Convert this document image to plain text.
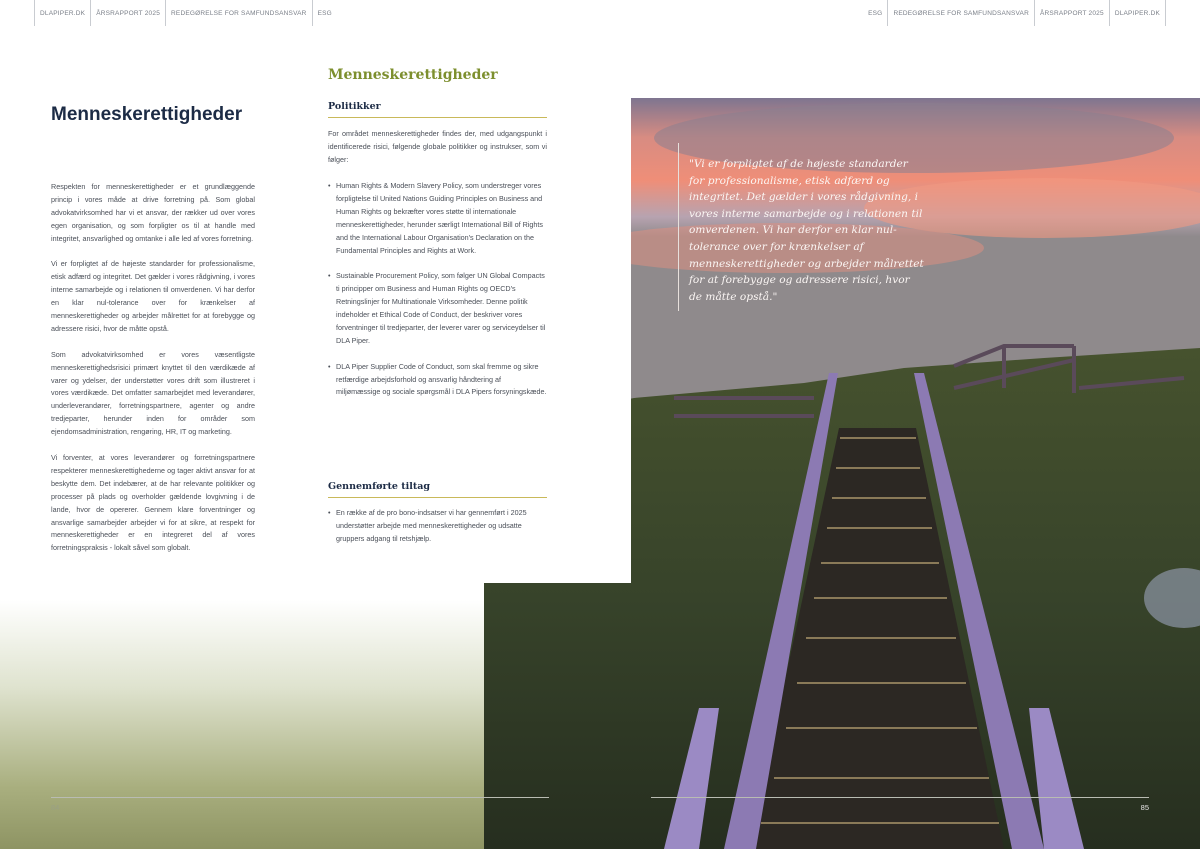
DLAPIPER.DK	ÅRSRAPPORT 2025	REDEGØRELSE FOR SAMFUNDSANSVAR	ESG	ESG	REDEGØRELSE FOR SAMFUNDSANSVAR	ÅRSRAPPORT 2025	DLAPIPER.DK
Menneskerettigheder

Respekten for menneskerettigheder er et grundlæggende princip i vores måde at drive forretning på. Som global advokatvirksomhed har vi et ansvar, der rækker ud over vores egen organisation, og som forpligter os til at handle med integritet, ansvarlighed og omtanke i alle led af vores forretning.

Vi er forpligtet af de højeste standarder for professionalisme, etisk adfærd og integritet. Det gælder i vores rådgivning, i vores interne samarbejde og i relationen til omverdenen. Vi har derfor en klar nul-tolerance over for krænkelser af menneskerettigheder og arbejder målrettet for at forebygge og adressere risici, hvor de måtte opstå.

Som advokatvirksomhed er vores væsentligste menneskerettighedsrisici primært knyttet til den værdikæde af varer og ydelser, der understøtter vores drift som illustreret i vores værdikæde. Det omfatter samarbejdet med leverandører, underleverandører, forretningspartnere, agenter og andre tredjeparter, herunder inden for områder som ejendomsadministration, rengøring, HR, IT og marketing.

Vi forventer, at vores leverandører og forretningspartnere respekterer menneskerettighederne og tager aktivt ansvar for at beskytte dem. Det indebærer, at de har relevante politikker og processer på plads og overholder gældende lovgivning i de lande, hvor de opererer. Gennem klare forventninger og ansvarlige samarbejder arbejder vi for at sikre, at respekt for menneskerettigheder er en integreret del af vores forretningspraksis - lokalt såvel som globalt.

Menneskerettigheder
Politikker
For området menneskerettigheder findes der, med udgangspunkt i identificerede risici, følgende globale politikker og instrukser, som vi følger:
• Human Rights & Modern Slavery Policy, som understreger vores forpligtelse til United Nations Guiding Principles on Business and Human Rights og bekræfter vores støtte til internationale menneskerettigheder, herunder særligt International Bill of Rights and the International Labour Organisation's Declaration on the Fundamental Principles and Rights at Work.
• Sustainable Procurement Policy, som følger UN Global Compacts ti principper om Business and Human Rights og OECD's Retningslinjer for Multinationale Virksomheder. Denne politik indeholder et Ethical Code of Conduct, der beskriver vores forventninger til tredjeparter, der leverer varer og serviceydelser til DLA Piper.
• DLA Piper Supplier Code of Conduct, som skal fremme og sikre retfærdige arbejdsforhold og ansvarlig håndtering af miljømæssige og sociale spørgsmål i DLA Pipers forsyningskæde.
Gennemførte tiltag
• En række af de pro bono-indsatser vi har gennemført i 2025 understøtter arbejde med menneskerettigheder og udsatte gruppers adgang til retshjælp.
"Vi er forpligtet af de højeste standarder for professionalisme, etisk adfærd og integritet. Det gælder i vores rådgivning, i vores interne samarbejde og i relationen til omverdenen. Vi har derfor en klar nul-tolerance over for krænkelser af menneskerettigheder og arbejder målrettet for at forebygge og adressere risici, hvor de måtte opstå."
84	85
